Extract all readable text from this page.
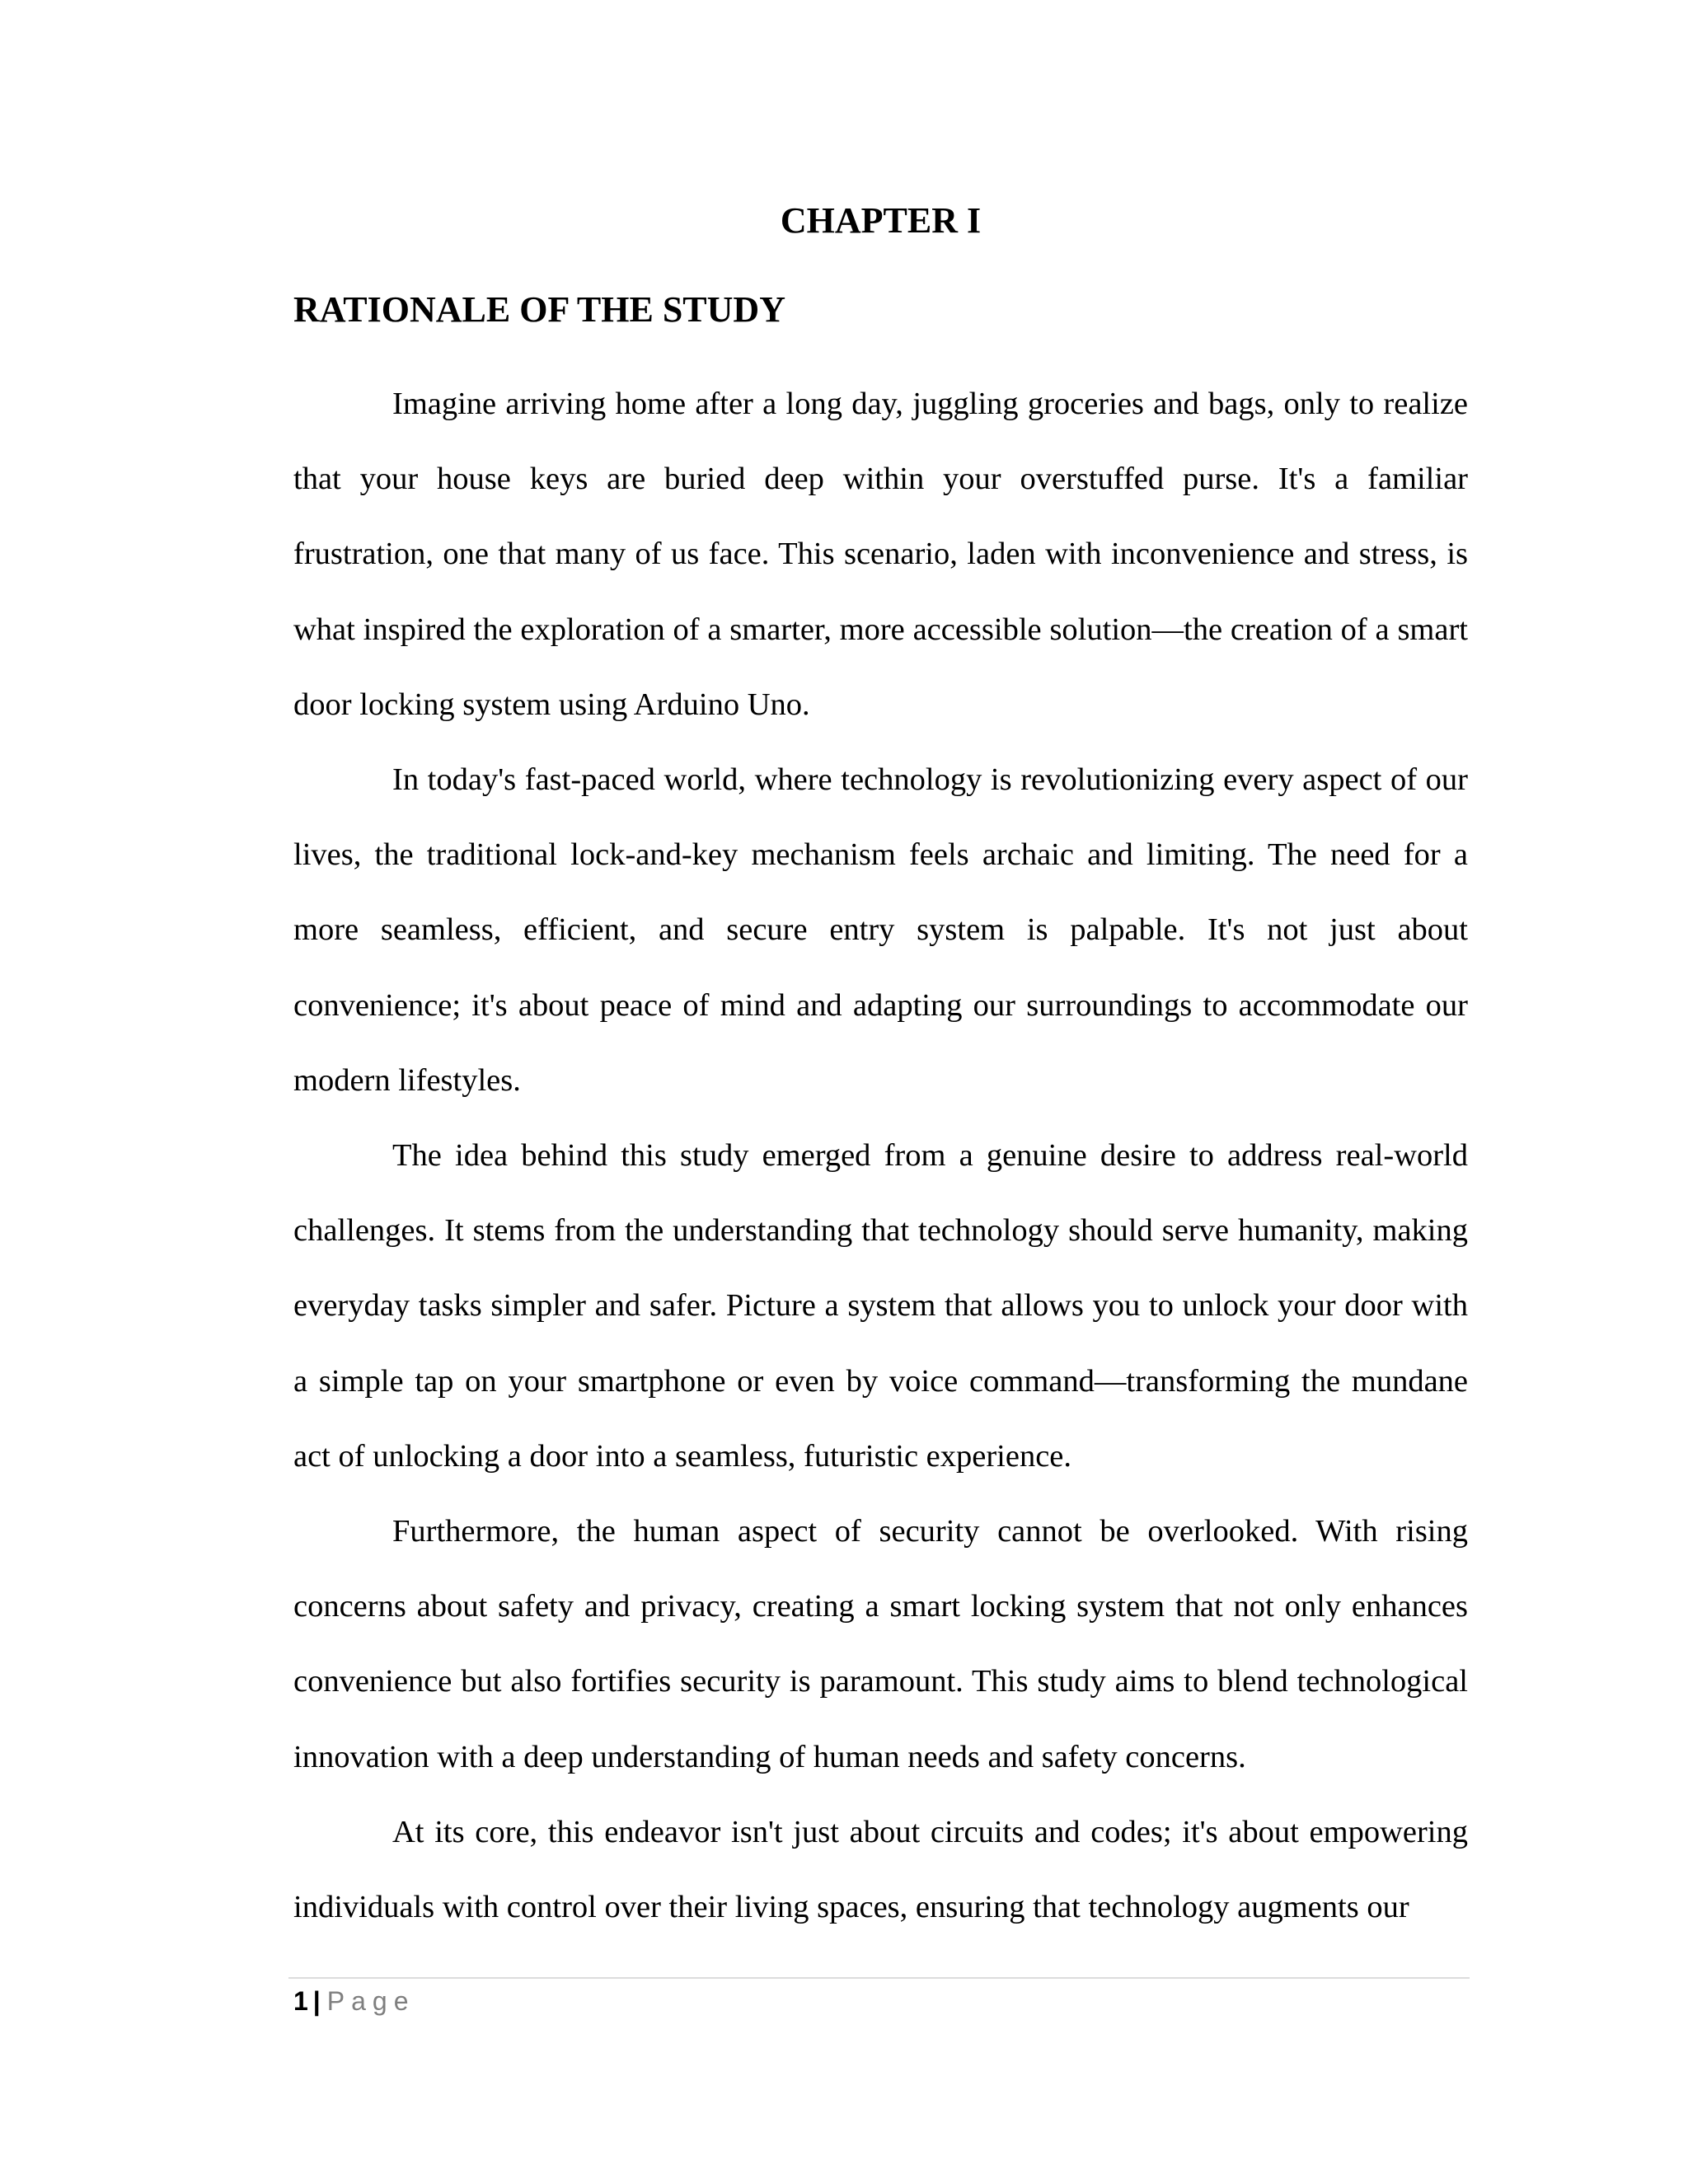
CHAPTER I
RATIONALE OF THE STUDY

Imagine arriving home after a long day, juggling groceries and bags, only to realize that your house keys are buried deep within your overstuffed purse. It's a familiar frustration, one that many of us face. This scenario, laden with inconvenience and stress, is what inspired the exploration of a smarter, more accessible solution—the creation of a smart door locking system using Arduino Uno.

In today's fast-paced world, where technology is revolutionizing every aspect of our lives, the traditional lock-and-key mechanism feels archaic and limiting. The need for a more seamless, efficient, and secure entry system is palpable. It's not just about convenience; it's about peace of mind and adapting our surroundings to accommodate our modern lifestyles.

The idea behind this study emerged from a genuine desire to address real-world challenges. It stems from the understanding that technology should serve humanity, making everyday tasks simpler and safer. Picture a system that allows you to unlock your door with a simple tap on your smartphone or even by voice command—transforming the mundane act of unlocking a door into a seamless, futuristic experience.

Furthermore, the human aspect of security cannot be overlooked. With rising concerns about safety and privacy, creating a smart locking system that not only enhances convenience but also fortifies security is paramount. This study aims to blend technological innovation with a deep understanding of human needs and safety concerns.

At its core, this endeavor isn't just about circuits and codes; it's about empowering individuals with control over their living spaces, ensuring that technology augments our

1 | Page
